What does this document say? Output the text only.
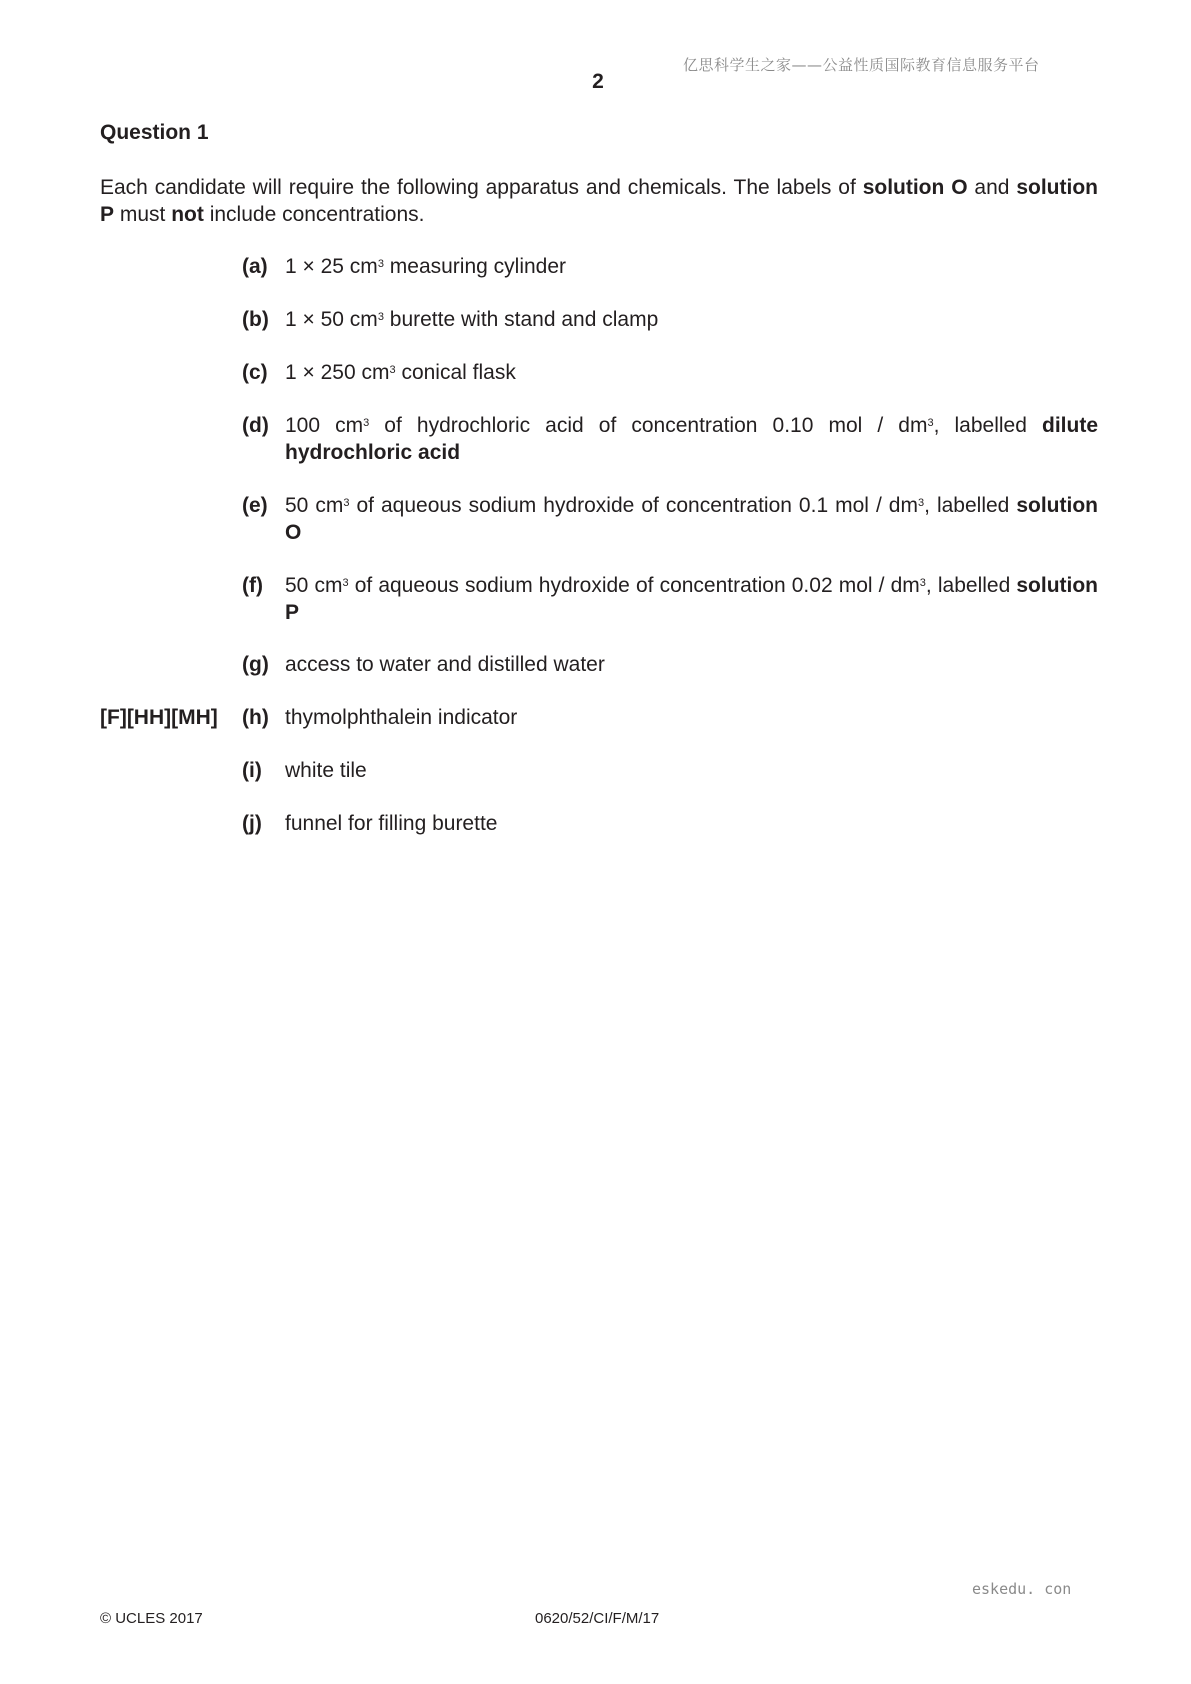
亿思科学生之家——公益性质国际教育信息服务平台
2
Question 1
Each candidate will require the following apparatus and chemicals. The labels of solution O and solution P must not include concentrations.
(a) 1 × 25 $cm^3$ measuring cylinder
(b) 1 × 50 $cm^3$ burette with stand and clamp
(c) 1 × 250 $cm^3$ conical flask
(d) 100 $cm^3$ of hydrochloric acid of concentration 0.10 mol / $dm^3$, labelled dilute hydrochloric acid
(e) 50 $cm^3$ of aqueous sodium hydroxide of concentration 0.1 mol / $dm^3$, labelled solution O
(f) 50 $cm^3$ of aqueous sodium hydroxide of concentration 0.02 mol / $dm^3$, labelled solution P
(g) access to water and distilled water
[F][HH][MH] (h) thymolphthalein indicator
(i) white tile
(j) funnel for filling burette
eskedu. con
© UCLES 2017	0620/52/CI/F/M/17
